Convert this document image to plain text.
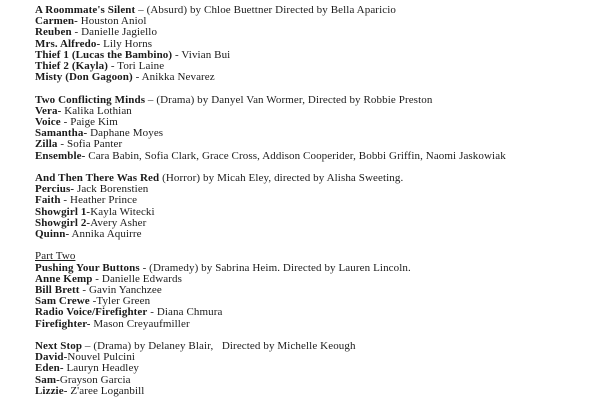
A Roommate's Silent – (Absurd) by Chloe Buettner Directed by Bella Aparicio
Carmen- Houston Aniol
Reuben - Danielle Jagiello
Mrs. Alfredo- Lily Horns
Thief 1 (Lucas the Bambino) - Vivian Bui
Thief 2 (Kayla) - Tori Laine
Misty (Don Gagoon) - Anikka Nevarez
Two Conflicting Minds – (Drama) by Danyel Van Wormer, Directed by Robbie Preston
Vera- Kalika Lothian
Voice - Paige Kim
Samantha- Daphane Moyes
Zilla - Sofia Panter
Ensemble- Cara Babin, Sofia Clark, Grace Cross, Addison Cooperider, Bobbi Griffin, Naomi Jaskowiak
And Then There Was Red (Horror) by Micah Eley, directed by Alisha Sweeting.
Percius- Jack Borenstien
Faith - Heather Prince
Showgirl 1-Kayla Witecki
Showgirl 2-Avery Asher
Quinn- Annika Aquirre
Part Two
Pushing Your Buttons - (Dramedy) by Sabrina Heim. Directed by Lauren Lincoln.
Anne Kemp - Danielle Edwards
Bill Brett - Gavin Yanchzee
Sam Crewe -Tyler Green
Radio Voice/Firefighter - Diana Chmura
Firefighter- Mason Creyaufmiller
Next Stop – (Drama) by Delaney Blair,   Directed by Michelle Keough
David-Nouvel Pulcini
Eden- Lauryn Headley
Sam-Grayson Garcia
Lizzie- Z'aree Loganbill
